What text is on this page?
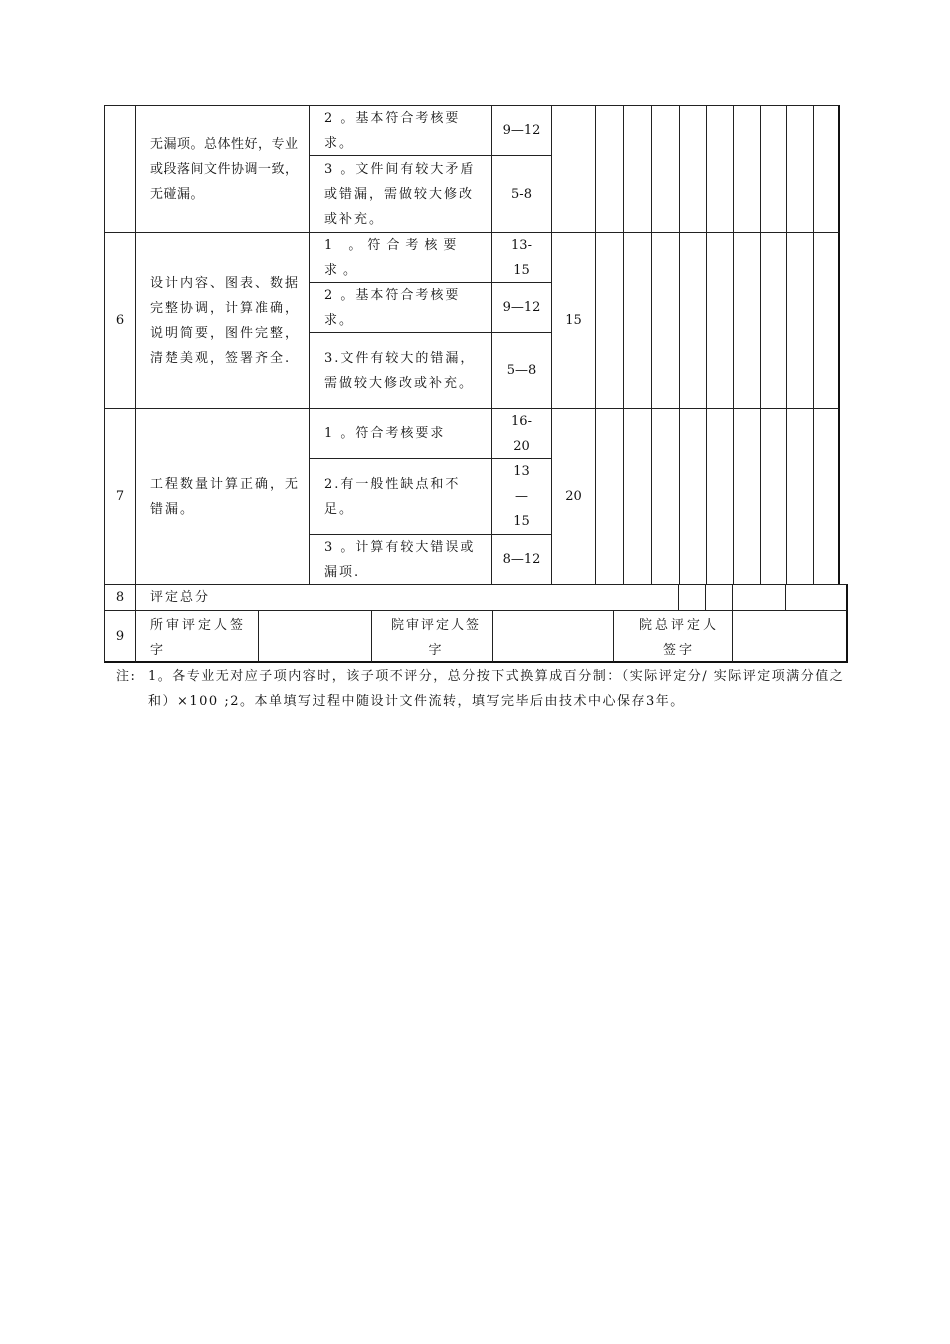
无漏项。总体性好，专业或段落间文件协调一致，无碰漏。
2 。基本符合考核要求。
9—12
3 。文件间有较大矛盾或错漏，需做较大修改或补充。
5-8
6
设计内容、图表、数据完整协调，计算准确，说明简要，图件完整，清楚美观，签署齐全.
1 。符合考核要求。
13-15
2 。基本符合考核要求。
9—12
3.文件有较大的错漏，需做较大修改或补充。
5—8
15
7
工程数量计算正确，无错漏。
1 。符合考核要求
16-20
2.有一般性缺点和不足。
13—15
3 。计算有较大错误或漏项.
8—12
20
8 评定总分
9
所审评定人签字
院审评定人签字
院总评定人签字
注: 1。各专业无对应子项内容时，该子项不评分，总分按下式换算成百分制：（实际评定分/ 实际评定项满分值之和）×100 ;2。本单填写过程中随设计文件流转，填写完毕后由技术中心保存3年。
